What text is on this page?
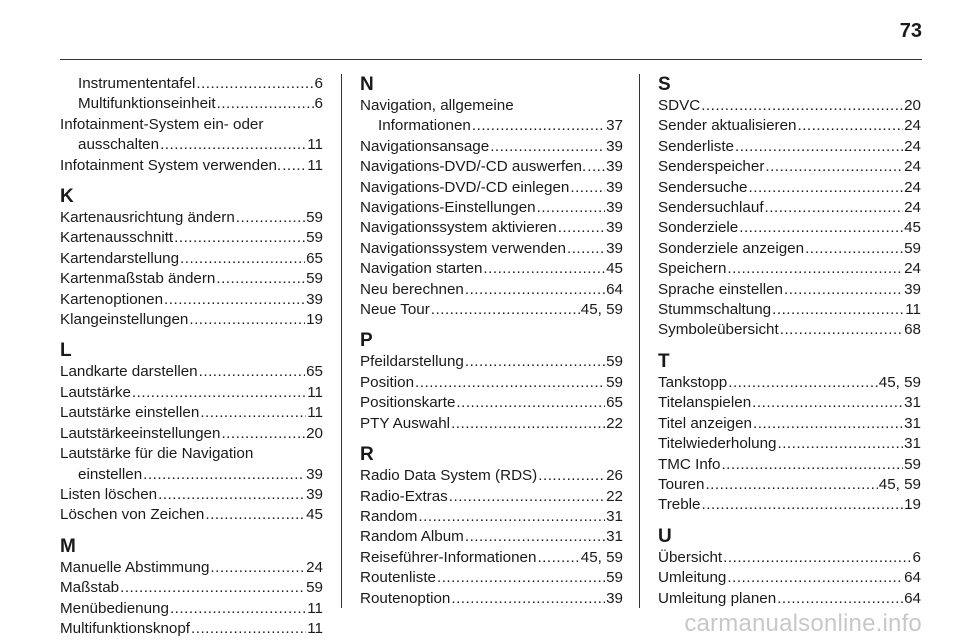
73
Instrumententafel .....	6
Multifunktionseinheit .....	6
Infotainment-System ein- oder
ausschalten .....	11
Infotainment System verwenden. ..... 11
K
Kartenausrichtung ändern .....	59
Kartenausschnitt .....	59
Kartendarstellung .....	65
Kartenmaßstab ändern .....	59
Kartenoptionen .....	39
Klangeinstellungen .....	19
L
Landkarte darstellen .....	65
Lautstärke .....	11
Lautstärke einstellen .....	11
Lautstärkeeinstellungen .....	20
Lautstärke für die Navigation
einstellen .....	39
Listen löschen .....	39
Löschen von Zeichen .....	45
M
Manuelle Abstimmung .....	24
Maßstab .....	59
Menübedienung .....	11
Multifunktionsknopf .....	11
N
Navigation, allgemeine
Informationen .....	37
Navigationsansage .....	39
Navigations-DVD/-CD auswerfen. ..... 39
Navigations-DVD/-CD einlegen ..... 39
Navigations-Einstellungen .....	39
Navigationssystem aktivieren .....	39
Navigationssystem verwenden .....	39
Navigation starten .....	45
Neu berechnen .....	64
Neue Tour .....	45, 59
P
Pfeildarstellung .....	59
Position .....	59
Positionskarte .....	65
PTY Auswahl .....	22
R
Radio Data System (RDS) .....	26
Radio-Extras .....	22
Random .....	31
Random Album .....	31
Reiseführer-Informationen .....	45, 59
Routenliste .....	59
Routenoption .....	39
S
SDVC .....	20
Sender aktualisieren .....	24
Senderliste .....	24
Senderspeicher .....	24
Sendersuche .....	24
Sendersuchlauf .....	24
Sonderziele .....	45
Sonderziele anzeigen .....	59
Speichern .....	24
Sprache einstellen .....	39
Stummschaltung .....	11
Symboleübersicht .....	68
T
Tankstopp .....	45, 59
Titelanspielen .....	31
Titel anzeigen .....	31
Titelwiederholung .....	31
TMC Info .....	59
Touren .....	45, 59
Treble .....	19
U
Übersicht .....	6
Umleitung .....	64
Umleitung planen .....	64
carmanualsonline.info
